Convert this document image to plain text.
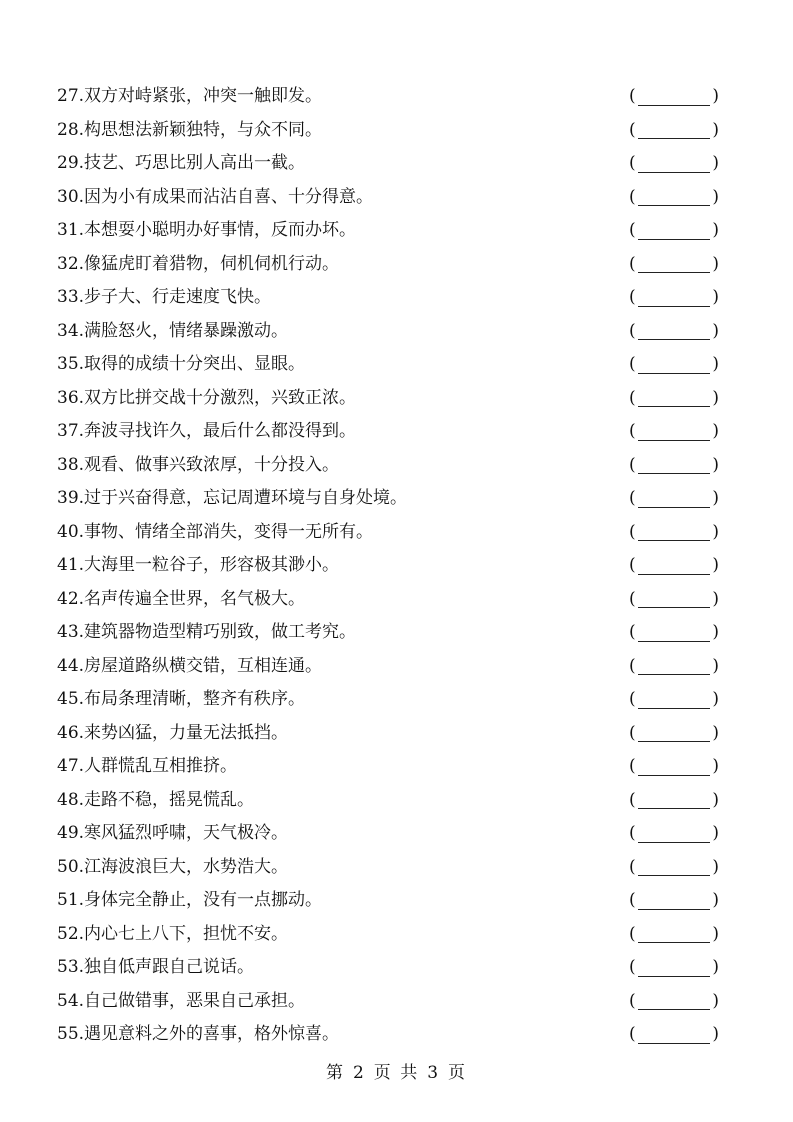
27.双方对峙紧张，冲突一触即发。	(	)
28.构思想法新颖独特，与众不同。	(	)
29.技艺、巧思比别人高出一截。	(	)
30.因为小有成果而沾沾自喜、十分得意。	(	)
31.本想耍小聪明办好事情，反而办坏。	(	)
32.像猛虎盯着猎物，伺机伺机行动。	(	)
33.步子大、行走速度飞快。	(	)
34.满脸怒火，情绪暴躁激动。	(	)
35.取得的成绩十分突出、显眼。	(	)
36.双方比拼交战十分激烈，兴致正浓。	(	)
37.奔波寻找许久，最后什么都没得到。	(	)
38.观看、做事兴致浓厚，十分投入。	(	)
39.过于兴奋得意，忘记周遭环境与自身处境。	(	)
40.事物、情绪全部消失，变得一无所有。	(	)
41.大海里一粒谷子，形容极其渺小。	(	)
42.名声传遍全世界，名气极大。	(	)
43.建筑器物造型精巧别致，做工考究。	(	)
44.房屋道路纵横交错，互相连通。	(	)
45.布局条理清晰，整齐有秩序。	(	)
46.来势凶猛，力量无法抵挡。	(	)
47.人群慌乱互相推挤。	(	)
48.走路不稳，摇晃慌乱。	(	)
49.寒风猛烈呼啸，天气极冷。	(	)
50.江海波浪巨大，水势浩大。	(	)
51.身体完全静止，没有一点挪动。	(	)
52.内心七上八下，担忧不安。	(	)
53.独自低声跟自己说话。	(	)
54.自己做错事，恶果自己承担。	(	)
55.遇见意料之外的喜事，格外惊喜。	(	)
第 2 页 共 3 页
